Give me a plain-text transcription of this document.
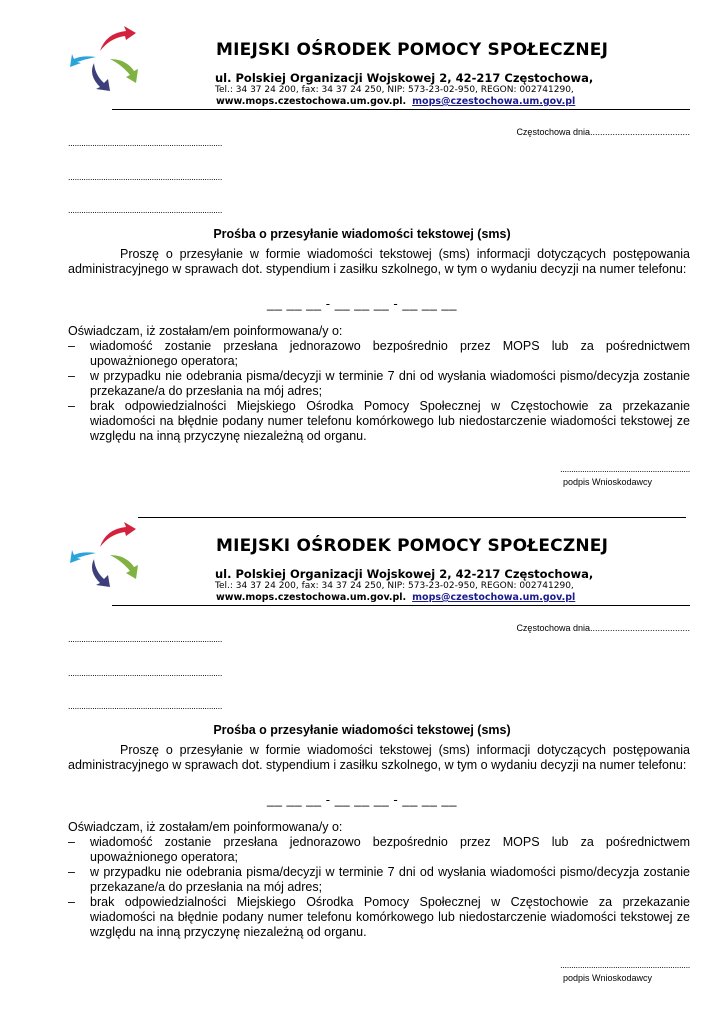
MIEJSKI OŚRODEK POMOCY SPOŁECZNEJ
ul. Polskiej Organizacji Wojskowej 2, 42-217 Częstochowa,
Tel.: 34 37 24 200, fax: 34 37 24 250, NIP: 573-23-02-950, REGON: 002741290,
www.mops.czestochowa.um.gov.pl. mops@czestochowa.um.gov.pl
Częstochowa dnia........................................
......................................................................
......................................................................
......................................................................
Prośba o przesyłanie wiadomości tekstowej (sms)

Proszę o przesyłanie w formie wiadomości tekstowej (sms) informacji dotyczących postępowania administracyjnego w sprawach dot. stypendium i zasiłku szkolnego, w tym o wydaniu decyzji na numer telefonu:

__ __ __ - __ __ __ - __ __ __
Oświadczam, iż zostałam/em poinformowana/y o:
– wiadomość zostanie przesłana jednorazowo bezpośrednio przez MOPS lub za pośrednictwem upoważnionego operatora;
– w przypadku nie odebrania pisma/decyzji w terminie 7 dni od wysłania wiadomości pismo/decyzja zostanie przekazane/a do przesłania na mój adres;
– brak odpowiedzialności Miejskiego Ośrodka Pomocy Społecznej w Częstochowie za przekazanie wiadomości na błędnie podany numer telefonu komórkowego lub niedostarczenie wiadomości tekstowej ze względu na inną przyczynę niezależną od organu.
...........................................................
podpis Wnioskodawcy
MIEJSKI OŚRODEK POMOCY SPOŁECZNEJ
ul. Polskiej Organizacji Wojskowej 2, 42-217 Częstochowa,
Tel.: 34 37 24 200, fax: 34 37 24 250, NIP: 573-23-02-950, REGON: 002741290,
www.mops.czestochowa.um.gov.pl. mops@czestochowa.um.gov.pl
Częstochowa dnia........................................
......................................................................
......................................................................
......................................................................
Prośba o przesyłanie wiadomości tekstowej (sms)

Proszę o przesyłanie w formie wiadomości tekstowej (sms) informacji dotyczących postępowania administracyjnego w sprawach dot. stypendium i zasiłku szkolnego, w tym o wydaniu decyzji na numer telefonu:

__ __ __ - __ __ __ - __ __ __
Oświadczam, iż zostałam/em poinformowana/y o:
– wiadomość zostanie przesłana jednorazowo bezpośrednio przez MOPS lub za pośrednictwem upoważnionego operatora;
– w przypadku nie odebrania pisma/decyzji w terminie 7 dni od wysłania wiadomości pismo/decyzja zostanie przekazane/a do przesłania na mój adres;
– brak odpowiedzialności Miejskiego Ośrodka Pomocy Społecznej w Częstochowie za przekazanie wiadomości na błędnie podany numer telefonu komórkowego lub niedostarczenie wiadomości tekstowej ze względu na inną przyczynę niezależną od organu.
...........................................................
podpis Wnioskodawcy
